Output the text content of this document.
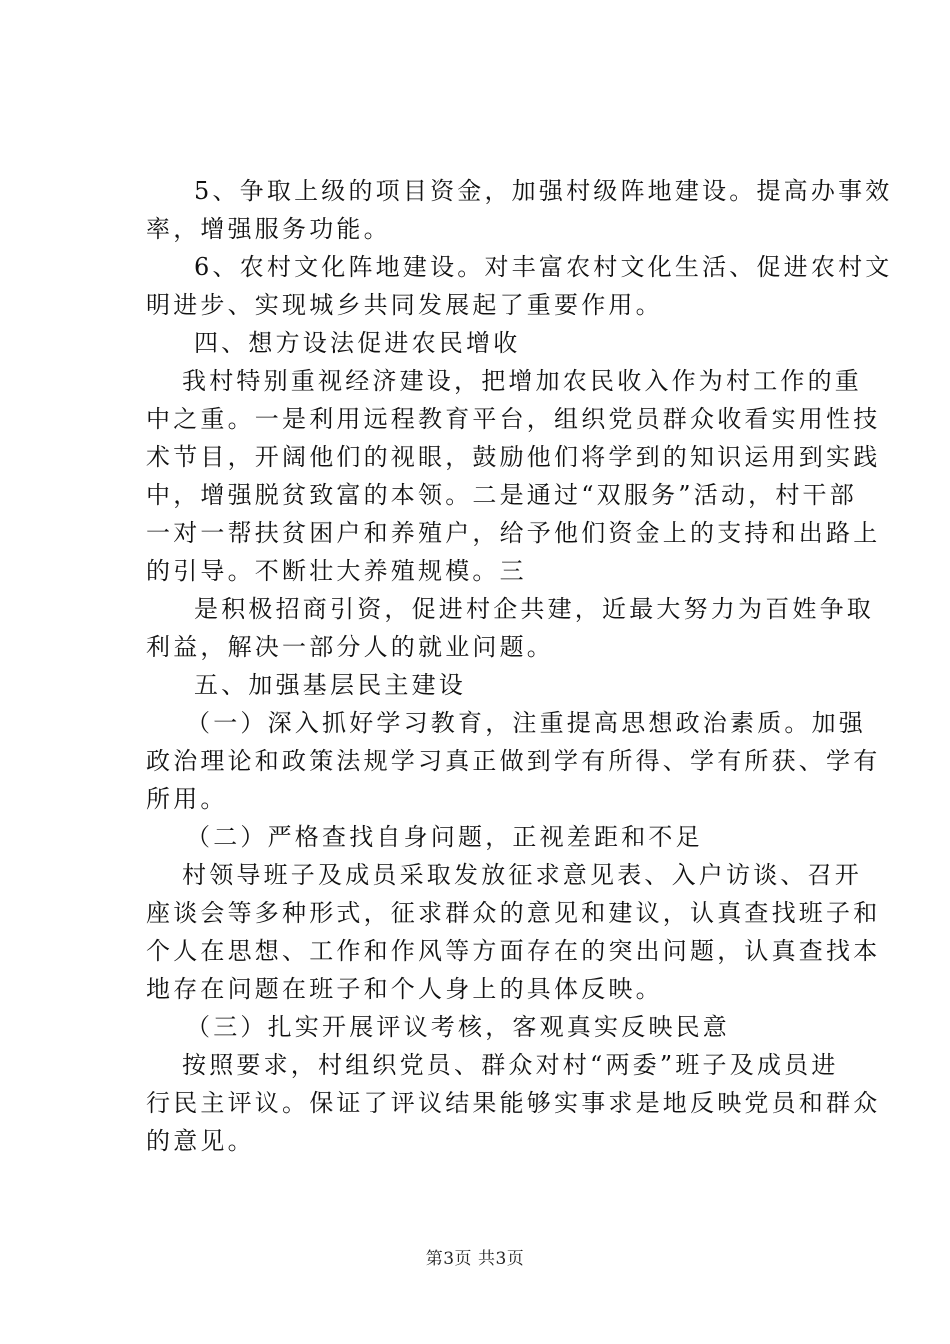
5、争取上级的项目资金，加强村级阵地建设。提高办事效
率，增强服务功能。
6、农村文化阵地建设。对丰富农村文化生活、促进农村文
明进步、实现城乡共同发展起了重要作用。
四、想方设法促进农民增收
我村特别重视经济建设，把增加农民收入作为村工作的重
中之重。一是利用远程教育平台，组织党员群众收看实用性技
术节目，开阔他们的视眼，鼓励他们将学到的知识运用到实践
中，增强脱贫致富的本领。二是通过“双服务”活动，村干部
一对一帮扶贫困户和养殖户，给予他们资金上的支持和出路上
的引导。不断壮大养殖规模。三
是积极招商引资，促进村企共建，近最大努力为百姓争取
利益，解决一部分人的就业问题。
五、加强基层民主建设
（一）深入抓好学习教育，注重提高思想政治素质。加强
政治理论和政策法规学习真正做到学有所得、学有所获、学有
所用。
（二）严格查找自身问题，正视差距和不足
村领导班子及成员采取发放征求意见表、入户访谈、召开
座谈会等多种形式，征求群众的意见和建议，认真查找班子和
个人在思想、工作和作风等方面存在的突出问题，认真查找本
地存在问题在班子和个人身上的具体反映。
（三）扎实开展评议考核，客观真实反映民意
按照要求，村组织党员、群众对村“两委”班子及成员进
行民主评议。保证了评议结果能够实事求是地反映党员和群众
的意见。
第3页 共3页
